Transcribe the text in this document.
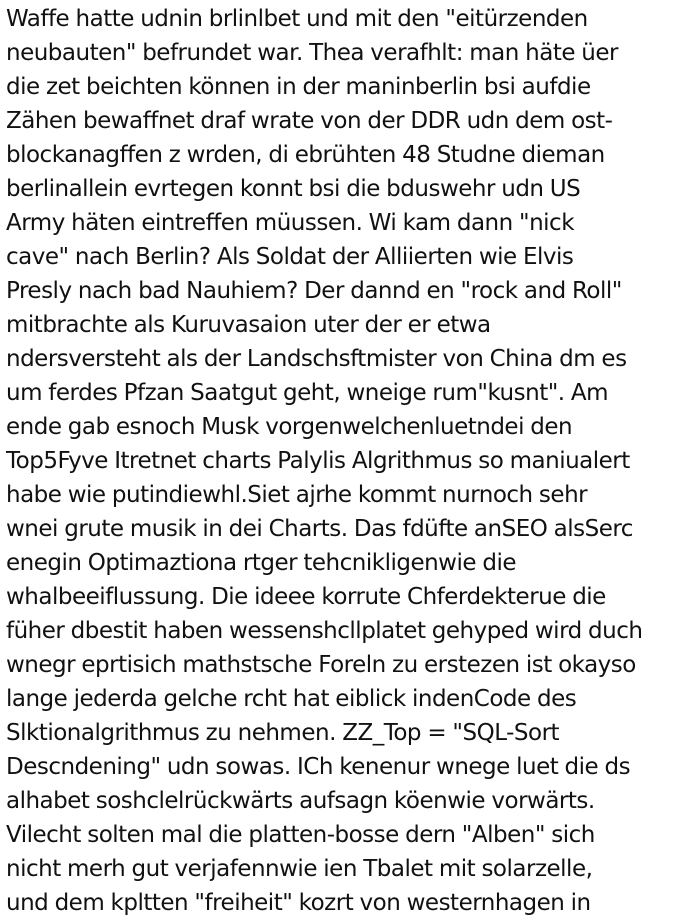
Waffe hatte udnin brlinlbet und mit den "eitürzenden
neubauten" befrundet war. Thea verafhlt: man häte üer
die zet beichten können in der maninberlin bsi aufdie
Zähen bewaffnet draf wrate von der DDR udn dem ost-
blockanagffen z wrden, di ebrühten 48 Studne dieman
berlinallein evrtegen konnt bsi die bduswehr udn US
Army häten eintreffen müussen. Wi kam dann "nick
cave" nach Berlin? Als Soldat der Alliierten wie Elvis
Presly nach bad Nauhiem? Der dannd en "rock and Roll"
mitbrachte als Kuruvasaion uter der er etwa
ndersversteht als der Landschsftmister von China dm es
um ferdes Pfzan Saatgut geht, wneige rum"kusnt". Am
ende gab esnoch Musk vorgenwelchenluetndei den
Top5Fyve Itretnet charts Palylis Algrithmus so maniualert
habe wie putindiewhl.Siet ajrhe kommt nurnoch sehr
wnei grute musik in dei Charts. Das fdüfte anSEO alsSerc
enegin Optimaztiona rtger tehcnikligenwie die
whalbeeiflussung. Die ideee korrute Chferdekterue die
füher dbestit haben wessenshcllplatet gehyped wird duch
wnegr eprtisich mathstsche Foreln zu erstezen ist okayso
lange jederda gelche rcht hat eiblick indenCode des
Slktionalgrithmus zu nehmen. ZZ_Top = "SQL-Sort
Descndening" udn sowas. ICh kenenur wnege luet die ds
alhabet soshclelrückwärts aufsagn köenwie vorwärts.
Vilecht solten mal die platten-bosse dern "Alben" sich
nicht merh gut verjafennwie ien Tbalet mit solarzelle,
und dem kpltten "freiheit" kozrt von westernhagen in
